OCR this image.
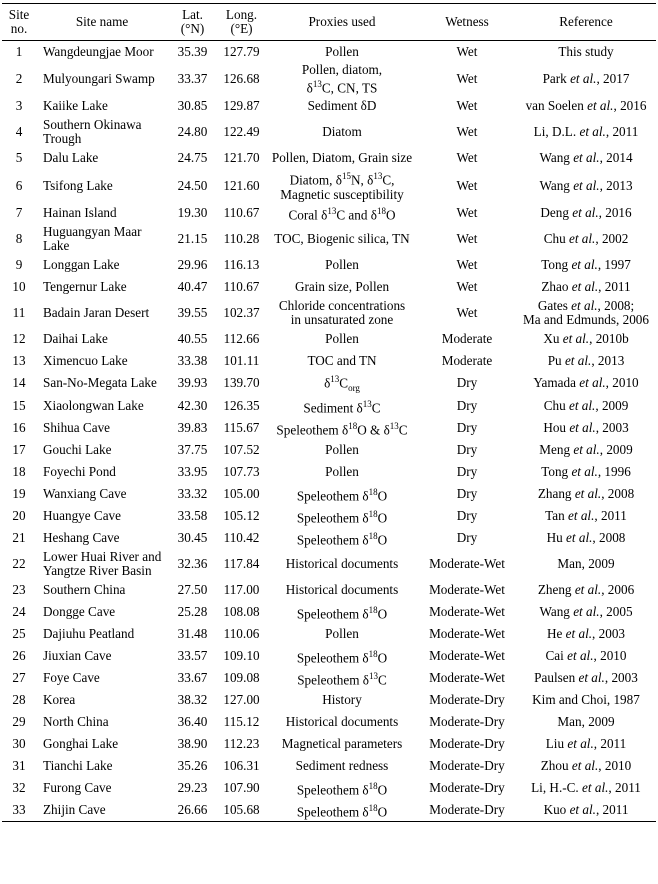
Site
no.	Site name	Lat.
(°N)	Long.
(°E)	Proxies used	Wetness	Reference
1	Wangdeungjae Moor	35.39	127.79	Pollen	Wet	This study

2	Mulyoungari Swamp	33.37	126.68	Pollen, diatom,
$\delta^{13}C$, CN, TS	Wet	Park et al., 2017

3	Kaiike Lake	30.85	129.87	Sediment δD	Wet	van Soelen et al., 2016

4	Southern Okinawa Trough	24.80	122.49	Diatom	Wet	Li, D.L. et al., 2011

5	Dalu Lake	24.75	121.70	Pollen, Diatom, Grain size	Wet	Wang et al., 2014

6	Tsifong Lake	24.50	121.60	Diatom, $\delta^{15}N$, $\delta^{13}C$,
Magnetic susceptibility	Wet	Wang et al., 2013

7	Hainan Island	19.30	110.67	Coral $\delta^{13}C$ and $\delta^{18}O$	Wet	Deng et al., 2016

8	Huguangyan Maar Lake	21.15	110.28	TOC, Biogenic silica, TN	Wet	Chu et al., 2002

9	Longgan Lake	29.96	116.13	Pollen	Wet	Tong et al., 1997

10	Tengernur Lake	40.47	110.67	Grain size, Pollen	Wet	Zhao et al., 2011

11	Badain Jaran Desert	39.55	102.37	Chloride concentrations
in unsaturated zone	Wet	Gates et al., 2008;
Ma and Edmunds, 2006

12	Daihai Lake	40.55	112.66	Pollen	Moderate	Xu et al., 2010b

13	Ximencuo Lake	33.38	101.11	TOC and TN	Moderate	Pu et al., 2013

14	San-No-Megata Lake	39.93	139.70	$\delta^{13}C_{org}$	Dry	Yamada et al., 2010

15	Xiaolongwan Lake	42.30	126.35	Sediment $\delta^{13}C$	Dry	Chu et al., 2009

16	Shihua Cave	39.83	115.67	Speleothem $\delta^{18}O$ & $\delta^{13}C$	Dry	Hou et al., 2003

17	Gouchi Lake	37.75	107.52	Pollen	Dry	Meng et al., 2009

18	Foyechi Pond	33.95	107.73	Pollen	Dry	Tong et al., 1996

19	Wanxiang Cave	33.32	105.00	Speleothem $\delta^{18}O$	Dry	Zhang et al., 2008

20	Huangye Cave	33.58	105.12	Speleothem $\delta^{18}O$	Dry	Tan et al., 2011

21	Heshang Cave	30.45	110.42	Speleothem $\delta^{18}O$	Dry	Hu et al., 2008

22	Lower Huai River and Yangtze River Basin	32.36	117.84	Historical documents	Moderate-Wet	Man, 2009

23	Southern China	27.50	117.00	Historical documents	Moderate-Wet	Zheng et al., 2006

24	Dongge Cave	25.28	108.08	Speleothem $\delta^{18}O$	Moderate-Wet	Wang et al., 2005

25	Dajiuhu Peatland	31.48	110.06	Pollen	Moderate-Wet	He et al., 2003

26	Jiuxian Cave	33.57	109.10	Speleothem $\delta^{18}O$	Moderate-Wet	Cai et al., 2010

27	Foye Cave	33.67	109.08	Speleothem $\delta^{13}C$	Moderate-Wet	Paulsen et al., 2003

28	Korea	38.32	127.00	History	Moderate-Dry	Kim and Choi, 1987

29	North China	36.40	115.12	Historical documents	Moderate-Dry	Man, 2009

30	Gonghai Lake	38.90	112.23	Magnetical parameters	Moderate-Dry	Liu et al., 2011

31	Tianchi Lake	35.26	106.31	Sediment redness	Moderate-Dry	Zhou et al., 2010

32	Furong Cave	29.23	107.90	Speleothem $\delta^{18}O$	Moderate-Dry	Li, H.-C. et al., 2011

33	Zhijin Cave	26.66	105.68	Speleothem $\delta^{18}O$	Moderate-Dry	Kuo et al., 2011
